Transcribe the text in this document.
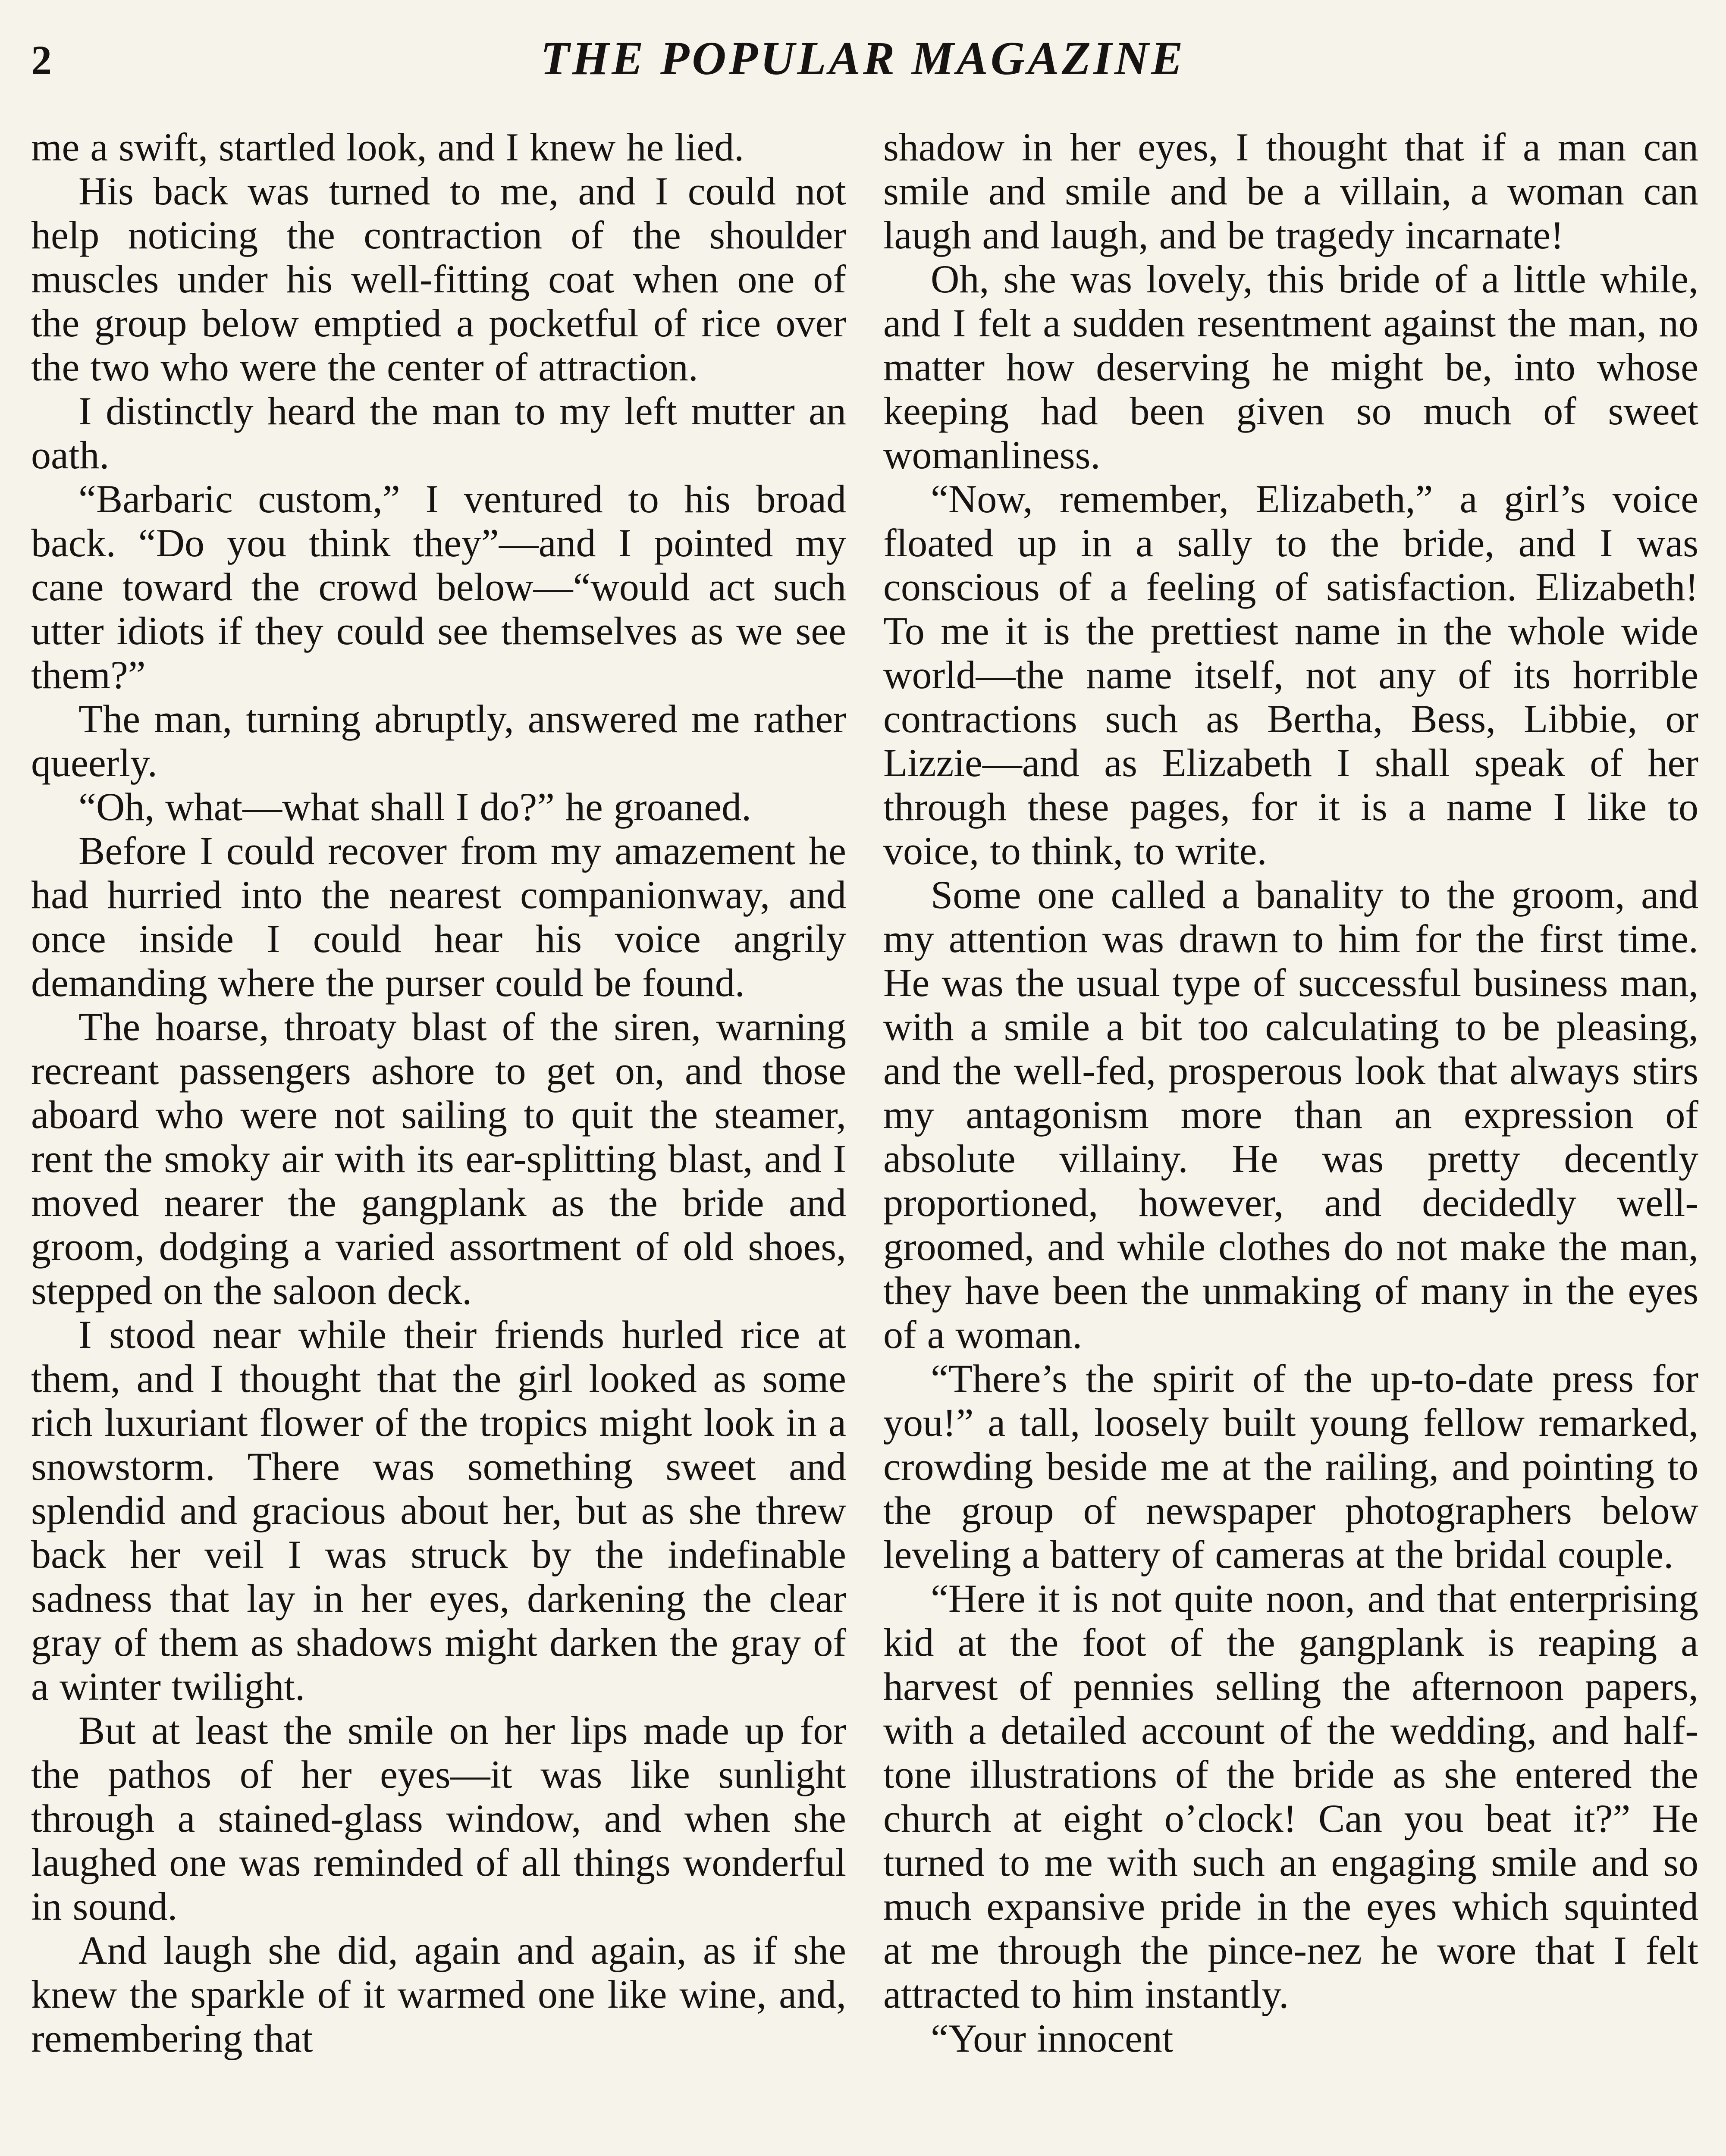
2	THE POPULAR MAGAZINE

me a swift, startled look, and I knew he lied.

His back was turned to me, and I could not help noticing the contraction of the shoulder muscles under his well-fitting coat when one of the group below emptied a pocketful of rice over the two who were the center of attraction.

I distinctly heard the man to my left mutter an oath.

“Barbaric custom,” I ventured to his broad back. “Do you think they”—and I pointed my cane toward the crowd below—“would act such utter idiots if they could see themselves as we see them?”

The man, turning abruptly, answered me rather queerly.

“Oh, what—what shall I do?” he groaned.

Before I could recover from my amazement he had hurried into the nearest companionway, and once inside I could hear his voice angrily demanding where the purser could be found.

The hoarse, throaty blast of the siren, warning recreant passengers ashore to get on, and those aboard who were not sailing to quit the steamer, rent the smoky air with its ear-splitting blast, and I moved nearer the gangplank as the bride and groom, dodging a varied assortment of old shoes, stepped on the saloon deck.

I stood near while their friends hurled rice at them, and I thought that the girl looked as some rich luxuriant flower of the tropics might look in a snowstorm. There was something sweet and splendid and gracious about her, but as she threw back her veil I was struck by the indefinable sadness that lay in her eyes, darkening the clear gray of them as shadows might darken the gray of a winter twilight.

But at least the smile on her lips made up for the pathos of her eyes—it was like sunlight through a stained-glass window, and when she laughed one was reminded of all things wonderful in sound.

And laugh she did, again and again, as if she knew the sparkle of it warmed one like wine, and, remembering that

shadow in her eyes, I thought that if a man can smile and smile and be a villain, a woman can laugh and laugh, and be tragedy incarnate!

Oh, she was lovely, this bride of a little while, and I felt a sudden resentment against the man, no matter how deserving he might be, into whose keeping had been given so much of sweet womanliness.

“Now, remember, Elizabeth,” a girl’s voice floated up in a sally to the bride, and I was conscious of a feeling of satisfaction. Elizabeth! To me it is the prettiest name in the whole wide world—the name itself, not any of its horrible contractions such as Bertha, Bess, Libbie, or Lizzie—and as Elizabeth I shall speak of her through these pages, for it is a name I like to voice, to think, to write.

Some one called a banality to the groom, and my attention was drawn to him for the first time. He was the usual type of successful business man, with a smile a bit too calculating to be pleasing, and the well-fed, prosperous look that always stirs my antagonism more than an expression of absolute villainy. He was pretty decently proportioned, however, and decidedly well-groomed, and while clothes do not make the man, they have been the unmaking of many in the eyes of a woman.

“There’s the spirit of the up-to-date press for you!” a tall, loosely built young fellow remarked, crowding beside me at the railing, and pointing to the group of newspaper photographers below leveling a battery of cameras at the bridal couple.

“Here it is not quite noon, and that enterprising kid at the foot of the gangplank is reaping a harvest of pennies selling the afternoon papers, with a detailed account of the wedding, and half-tone illustrations of the bride as she entered the church at eight o’clock! Can you beat it?” He turned to me with such an engaging smile and so much expansive pride in the eyes which squinted at me through the pince-nez he wore that I felt attracted to him instantly.

“Your innocent
